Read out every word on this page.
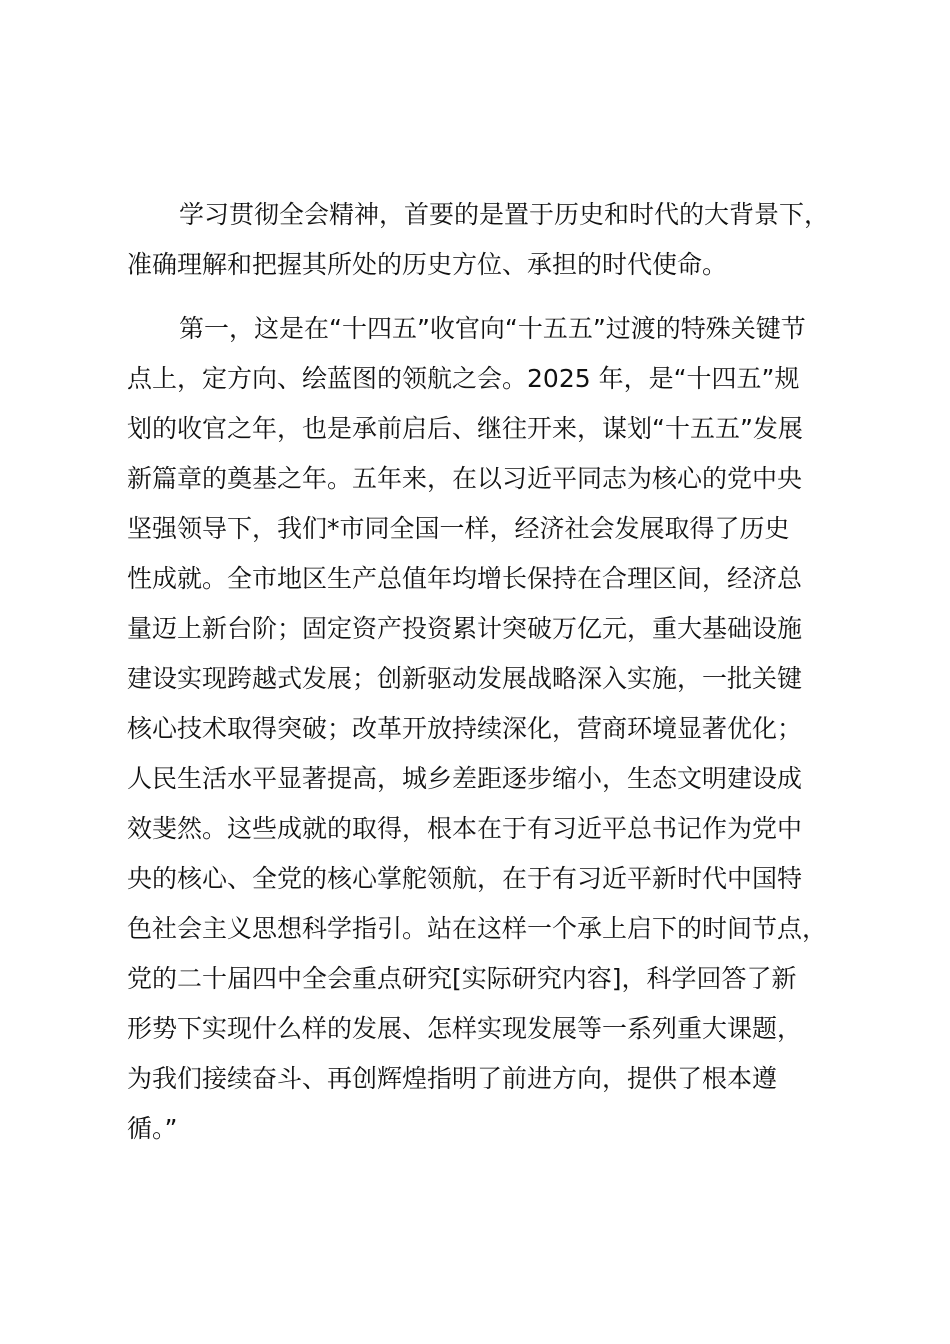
学习贯彻全会精神，首要的是置于历史和时代的大背景下，
准确理解和把握其所处的历史方位、承担的时代使命。
第一，这是在“十四五”收官向“十五五”过渡的特殊关键节
点上，定方向、绘蓝图的领航之会。2025 年，是“十四五”规
划的收官之年，也是承前启后、继往开来，谋划“十五五”发展
新篇章的奠基之年。五年来，在以习近平同志为核心的党中央
坚强领导下，我们*市同全国一样，经济社会发展取得了历史
性成就。全市地区生产总值年均增长保持在合理区间，经济总
量迈上新台阶；固定资产投资累计突破万亿元，重大基础设施
建设实现跨越式发展；创新驱动发展战略深入实施，一批关键
核心技术取得突破；改革开放持续深化，营商环境显著优化；
人民生活水平显著提高，城乡差距逐步缩小，生态文明建设成
效斐然。这些成就的取得，根本在于有习近平总书记作为党中
央的核心、全党的核心掌舵领航，在于有习近平新时代中国特
色社会主义思想科学指引。站在这样一个承上启下的时间节点，
党的二十届四中全会重点研究[实际研究内容]，科学回答了新
形势下实现什么样的发展、怎样实现发展等一系列重大课题，
为我们接续奋斗、再创辉煌指明了前进方向，提供了根本遵
循。”
